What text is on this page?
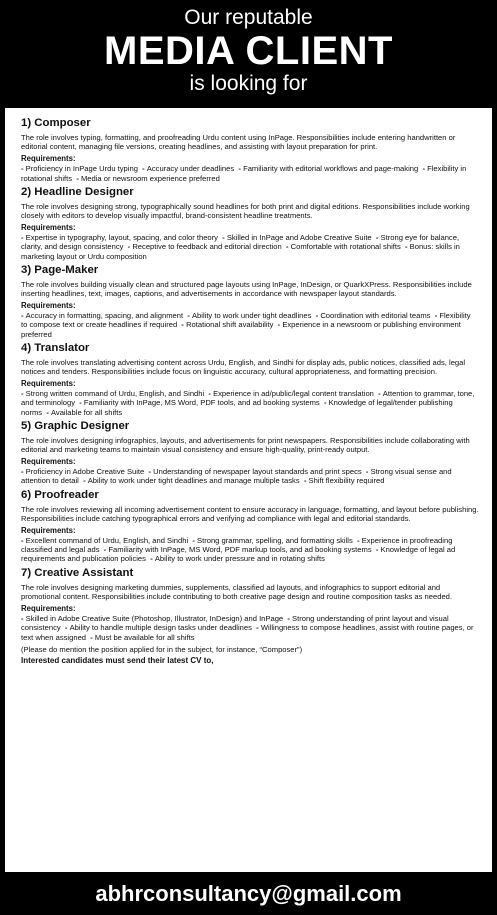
Our reputable
MEDIA CLIENT
is looking for
1) Composer

The role involves typing, formatting, and proofreading Urdu content using InPage. Responsibilities include entering handwritten or editorial content, managing file versions, creating headlines, and assisting with layout preparation for print.

Requirements:
- Proficiency in InPage Urdu typing - Accuracy under deadlines - Familiarity with editorial workflows and page-making - Flexibility in rotational shifts - Media or newsroom experience preferred
2) Headline Designer

The role involves designing strong, typographically sound headlines for both print and digital editions. Responsibilities include working closely with editors to develop visually impactful, brand-consistent headline treatments.

Requirements:
- Expertise in typography, layout, spacing, and color theory - Skilled in InPage and Adobe Creative Suite - Strong eye for balance, clarity, and design consistency - Receptive to feedback and editorial direction - Comfortable with rotational shifts - Bonus: skills in marketing layout or Urdu composition
3) Page-Maker

The role involves building visually clean and structured page layouts using InPage, InDesign, or QuarkXPress. Responsibilities include inserting headlines, text, images, captions, and advertisements in accordance with newspaper layout standards.

Requirements:
- Accuracy in formatting, spacing, and alignment - Ability to work under tight deadlines - Coordination with editorial teams - Flexibility to compose text or create headlines if required - Rotational shift availability - Experience in a newsroom or publishing environment preferred
4) Translator

The role involves translating advertising content across Urdu, English, and Sindhi for display ads, public notices, classified ads, legal notices and tenders. Responsibilities include focus on linguistic accuracy, cultural appropriateness, and formatting precision.

Requirements:
- Strong written command of Urdu, English, and Sindhi - Experience in ad/public/legal content translation - Attention to grammar, tone, and terminology - Familiarity with InPage, MS Word, PDF tools, and ad booking systems - Knowledge of legal/tender publishing norms - Available for all shifts
5) Graphic Designer

The role involves designing infographics, layouts, and advertisements for print newspapers. Responsibilities include collaborating with editorial and marketing teams to maintain visual consistency and ensure high-quality, print-ready output.

Requirements:
- Proficiency in Adobe Creative Suite - Understanding of newspaper layout standards and print specs - Strong visual sense and attention to detail - Ability to work under tight deadlines and manage multiple tasks - Shift flexibility required
6) Proofreader

The role involves reviewing all incoming advertisement content to ensure accuracy in language, formatting, and layout before publishing. Responsibilities include catching typographical errors and verifying ad compliance with legal and editorial standards.

Requirements:
- Excellent command of Urdu, English, and Sindhi - Strong grammar, spelling, and formatting skills - Experience in proofreading classified and legal ads - Familiarity with InPage, MS Word, PDF markup tools, and ad booking systems - Knowledge of legal ad requirements and publication policies - Ability to work under pressure and in rotating shifts
7) Creative Assistant

The role involves designing marketing dummies, supplements, classified ad layouts, and infographics to support editorial and promotional content. Responsibilities include contributing to both creative page design and routine composition tasks as needed.

Requirements:
- Skilled in Adobe Creative Suite (Photoshop, Illustrator, InDesign) and InPage - Strong understanding of print layout and visual consistency - Ability to handle multiple design tasks under deadlines - Willingness to compose headlines, assist with routine pages, or text when assigned - Must be available for all shifts
(Please do mention the position applied for in the subject, for instance, “Composer”)
Interested candidates must send their latest CV to,
abhrconsultancy@gmail.com
